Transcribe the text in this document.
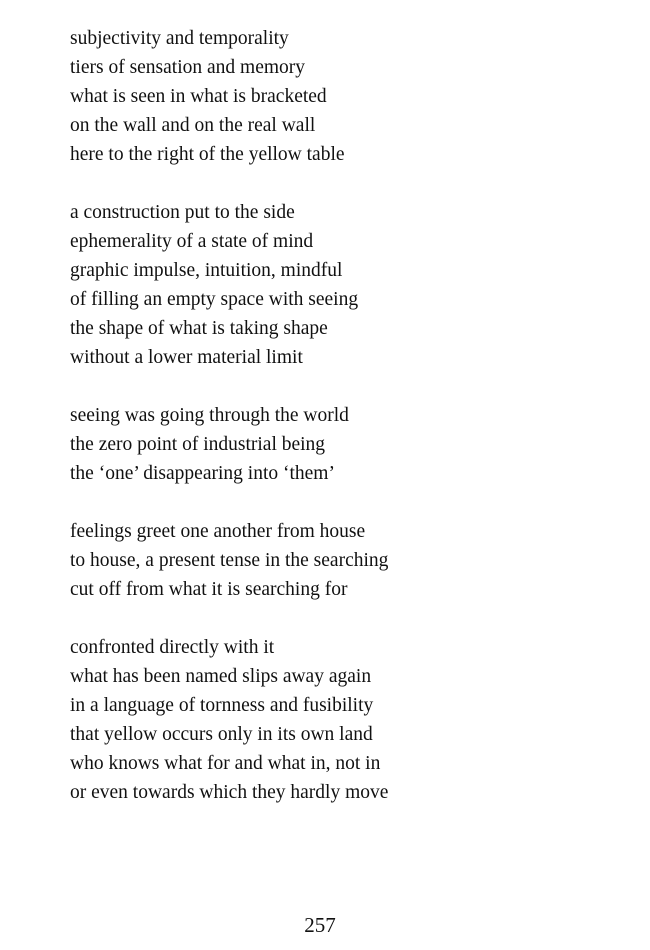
subjectivity and temporality
tiers of sensation and memory
what is seen in what is bracketed
on the wall and on the real wall
here to the right of the yellow table
a construction put to the side
ephemerality of a state of mind
graphic impulse, intuition, mindful
of filling an empty space with seeing
the shape of what is taking shape
without a lower material limit
seeing was going through the world
the zero point of industrial being
the ‘one’ disappearing into ‘them’
feelings greet one another from house
to house, a present tense in the searching
cut off from what it is searching for
confronted directly with it
what has been named slips away again
in a language of tornness and fusibility
that yellow occurs only in its own land
who knows what for and what in, not in
or even towards which they hardly move
257
